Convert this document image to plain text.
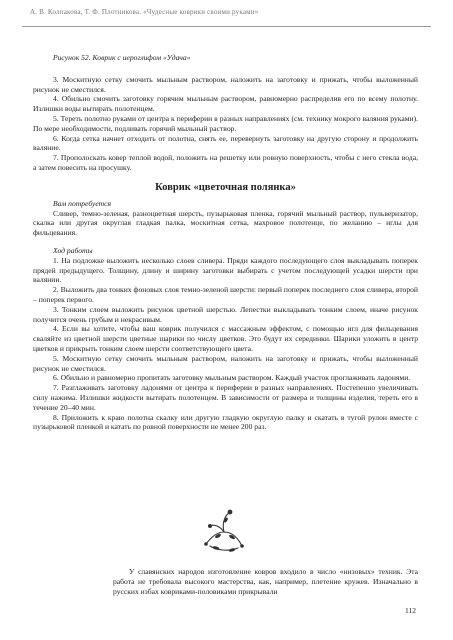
А. В. Колпакова, Т. Ф. Плотникова. «Чудесные коврики своими руками»

Рисунок 52. Коврик с иероглифом «Удача»

3. Москитную сетку смочить мыльным раствором, наложить на заготовку и прижать, чтобы выложенный рисунок не сместился.

4. Обильно смочить заготовку горячим мыльным раствором, равномерно распределив его по всему полотну. Излишки воды вытирать полотенцем.

5. Тереть полотно руками от центра к периферии в разных направлениях (см. технику мокрого валяния руками). По мере необходимости, подливать горячий мыльный раствор.

6. Когда сетка начнет отходить от полотна, снять ее, перевернуть заготовку на другую сторону и продолжить валяние.

7. Прополоскать ковер теплой водой, положить на решетку или ровную поверхность, чтобы с него стекла вода, а затем повесить на просушку.

Коврик «цветочная полянка»

Вам потребуется

Сливер, темно-зеленая, разноцветная шерсть, пузырьковая пленка, горячий мыльный раствор, пульверизатор, скалка или другая округлая гладкая палка, москитная сетка, махровое полотенце, по желанию – иглы для фильцевания.

Ход работы

1. На подложке выложить несколько слоев сливера. Пряди каждого последующего слоя выкладывать поперек прядей предыдущего. Толщину, длину и ширину заготовки выбирать с учетом последующей усадки шерсти при валянии.

2. Выложить два тонких фоновых слоя темно-зеленой шерсти: первый поперек последнего слоя сливера, второй – поперек первого.

3. Тонким слоем выложить рисунок цветной шерстью. Лепестки выкладывать тонким слоем, иначе рисунок получится очень грубым и некрасивым.

4. Если вы хотите, чтобы ваш коврик получился с массажным эффектом, с помощью игл для фильцевания сваляйте из цветной шерсти цветные шарики по числу цветков. Это будут их серединки. Шарики уложить в центр цветков и прикрыть тонким слоем шерсти соответствующего цвета.

5. Москитную сетку смочить мыльным раствором, наложить на заготовку и прижать, чтобы выложенный рисунок не сместился.

6. Обильно и равномерно пропитать заготовку мыльным раствором. Каждый участок проглаживать ладонями.

7. Разглаживать заготовку ладонями от центра к периферии в разных направлениях. Постепенно увеличивать силу нажима. Излишки жидкости вытирать полотенцем. В зависимости от размера и толщины изделия, тереть его в течение 20–40 мин.

8. Приложить к краю полотна скалку или другую гладкую округлую палку и скатать в тугой рулон вместе с пузырьковой пленкой и катать по ровной поверхности не менее 200 раз.

У славянских народов изготовление ковров входило в число «низовых» техник. Эта работа не требовала высокого мастерства, как, например, плетение кружев. Изначально в русских избах ковриками-половиками прикрывали

112
